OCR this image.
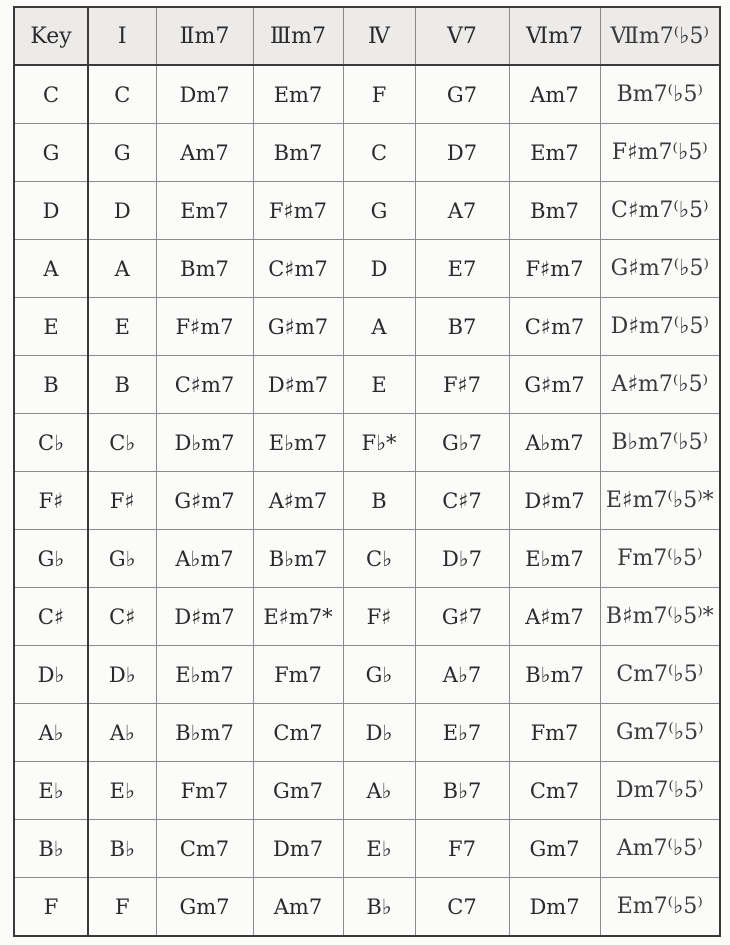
Key	Ⅰ	Ⅱm7	Ⅲm7	Ⅳ	V7	Ⅵm7	Ⅶm7⁽♭5⁾
C	C	Dm7	Em7	F	G7	Am7	Bm7⁽♭5⁾
G	G	Am7	Bm7	C	D7	Em7	F♯m7⁽♭5⁾
D	D	Em7	F♯m7	G	A7	Bm7	C♯m7⁽♭5⁾
A	A	Bm7	C♯m7	D	E7	F♯m7	G♯m7⁽♭5⁾
E	E	F♯m7	G♯m7	A	B7	C♯m7	D♯m7⁽♭5⁾
B	B	C♯m7	D♯m7	E	F♯7	G♯m7	A♯m7⁽♭5⁾
C♭	C♭	D♭m7	E♭m7	F♭*	G♭7	A♭m7	B♭m7⁽♭5⁾
F♯	F♯	G♯m7	A♯m7	B	C♯7	D♯m7	E♯m7⁽♭5⁾*
G♭	G♭	A♭m7	B♭m7	C♭	D♭7	E♭m7	Fm7⁽♭5⁾
C♯	C♯	D♯m7	E♯m7*	F♯	G♯7	A♯m7	B♯m7⁽♭5⁾*
D♭	D♭	E♭m7	Fm7	G♭	A♭7	B♭m7	Cm7⁽♭5⁾
A♭	A♭	B♭m7	Cm7	D♭	E♭7	Fm7	Gm7⁽♭5⁾
E♭	E♭	Fm7	Gm7	A♭	B♭7	Cm7	Dm7⁽♭5⁾
B♭	B♭	Cm7	Dm7	E♭	F7	Gm7	Am7⁽♭5⁾
F	F	Gm7	Am7	B♭	C7	Dm7	Em7⁽♭5⁾
